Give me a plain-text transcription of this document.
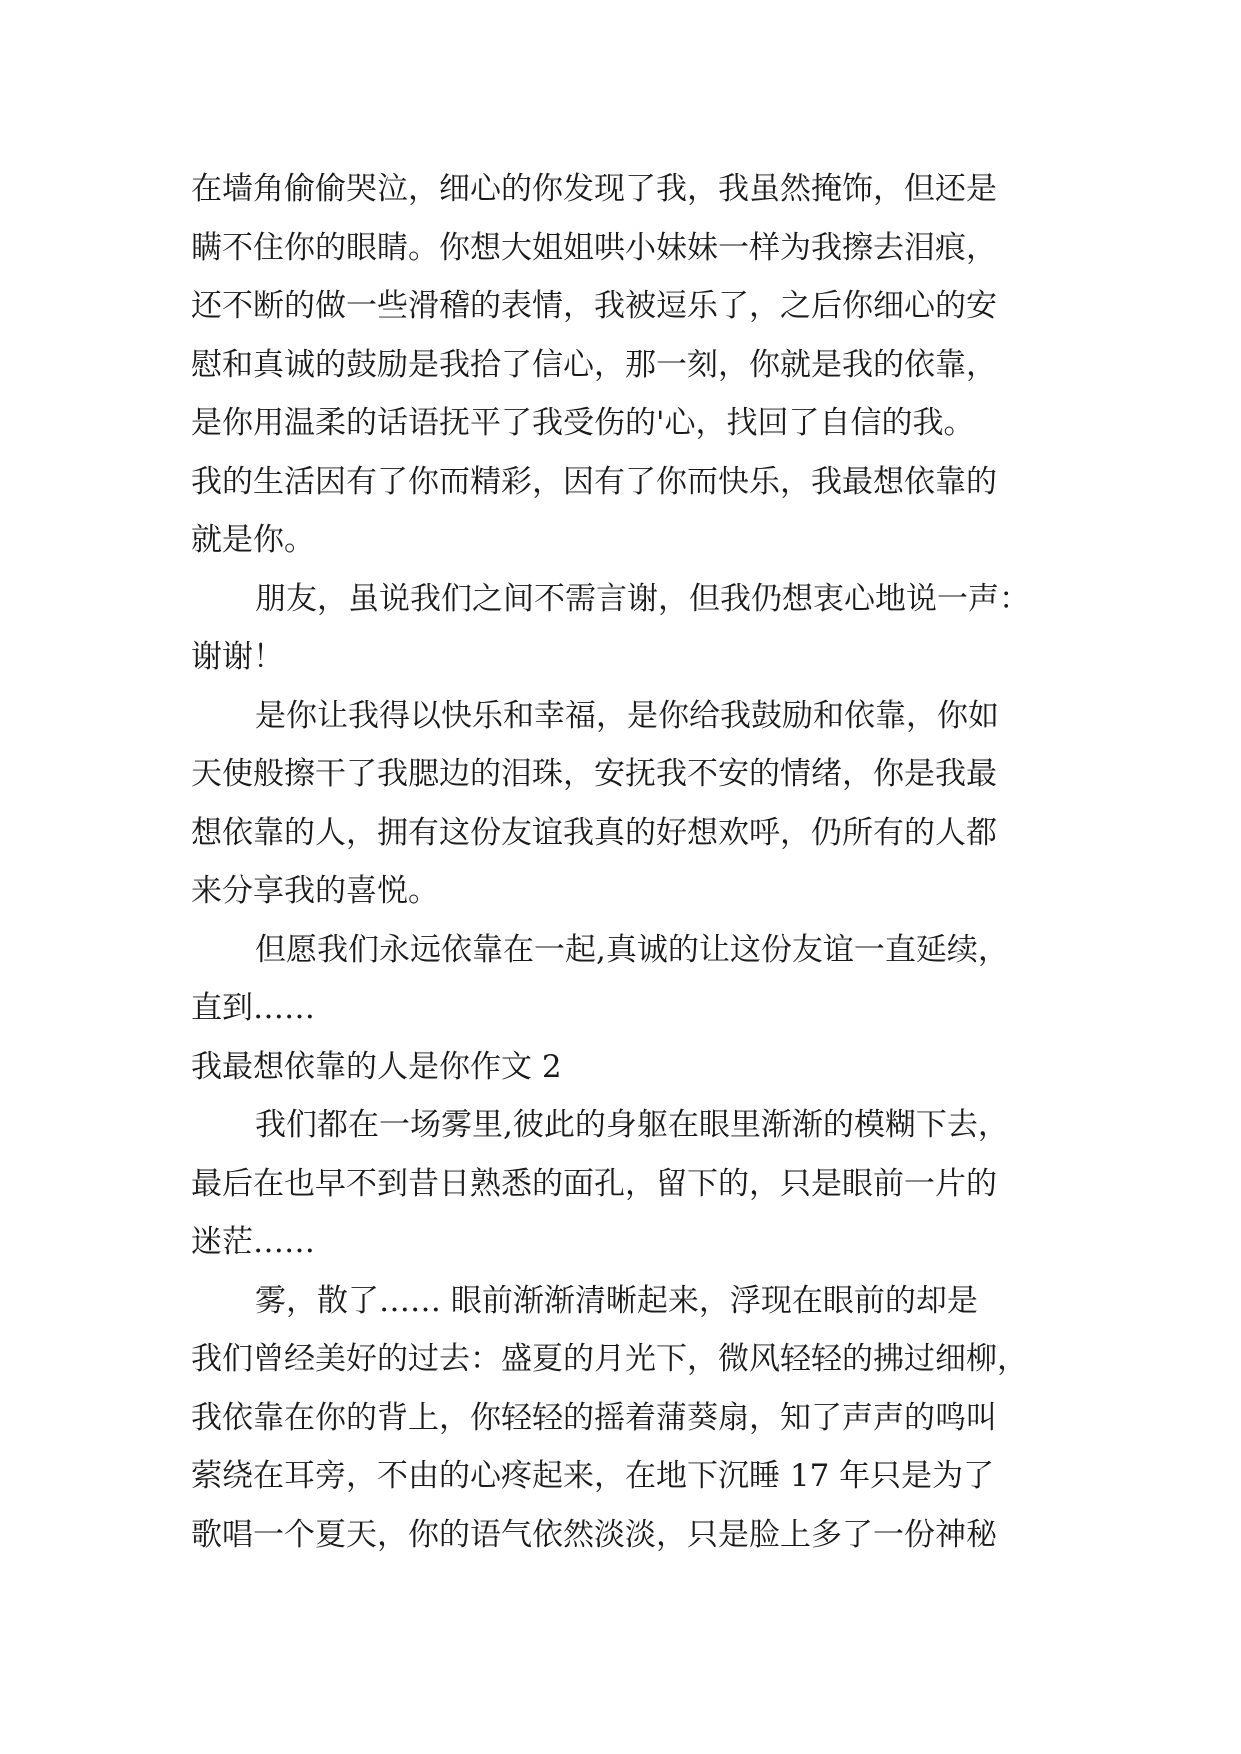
在墙角偷偷哭泣，细心的你发现了我，我虽然掩饰，但还是
瞒不住你的眼睛。你想大姐姐哄小妹妹一样为我擦去泪痕，
还不断的做一些滑稽的表情，我被逗乐了，之后你细心的安
慰和真诚的鼓励是我拾了信心，那一刻，你就是我的依靠，
是你用温柔的话语抚平了我受伤的'心，找回了自信的我。
我的生活因有了你而精彩，因有了你而快乐，我最想依靠的
就是你。
朋友，虽说我们之间不需言谢，但我仍想衷心地说一声：
谢谢！
是你让我得以快乐和幸福，是你给我鼓励和依靠，你如
天使般擦干了我腮边的泪珠，安抚我不安的情绪，你是我最
想依靠的人，拥有这份友谊我真的好想欢呼，仍所有的人都
来分享我的喜悦。
但愿我们永远依靠在一起,真诚的让这份友谊一直延续，
直到……
我最想依靠的人是你作文 2
我们都在一场雾里,彼此的身躯在眼里渐渐的模糊下去，
最后在也早不到昔日熟悉的面孔，留下的，只是眼前一片的
迷茫……
雾，散了…… 眼前渐渐清晰起来，浮现在眼前的却是
我们曾经美好的过去：盛夏的月光下，微风轻轻的拂过细柳，
我依靠在你的背上，你轻轻的摇着蒲葵扇，知了声声的鸣叫
萦绕在耳旁，不由的心疼起来，在地下沉睡 17 年只是为了
歌唱一个夏天，你的语气依然淡淡，只是脸上多了一份神秘
